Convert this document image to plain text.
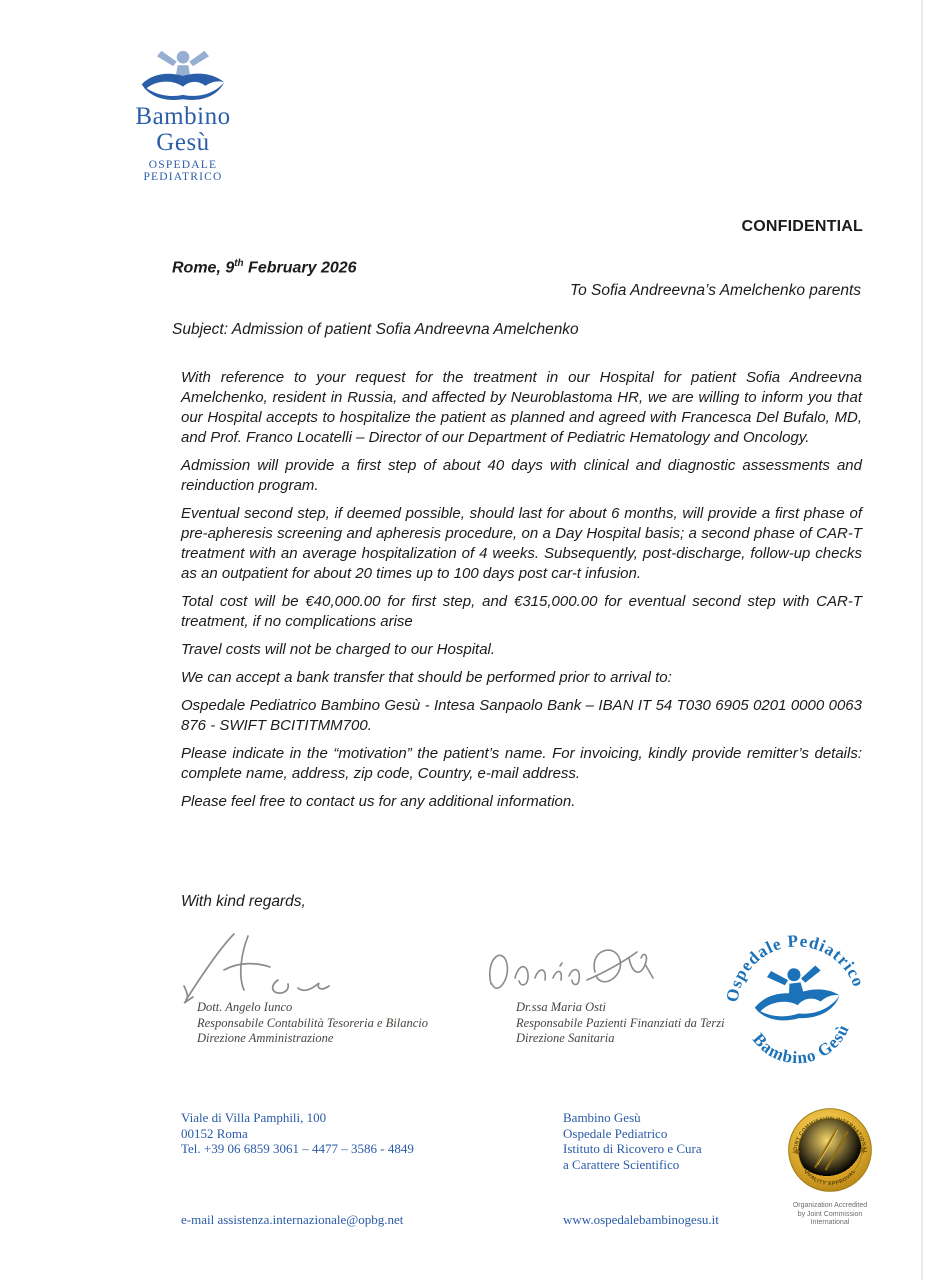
Bambino Gesù
OSPEDALE PEDIATRICO
CONFIDENTIAL
Rome, 9th February 2026
To Sofia Andreevna’s Amelchenko parents
Subject: Admission of patient Sofia Andreevna Amelchenko

With reference to your request for the treatment in our Hospital for patient Sofia Andreevna Amelchenko, resident in Russia, and affected by Neuroblastoma HR, we are willing to inform you that our Hospital accepts to hospitalize the patient as planned and agreed with Francesca Del Bufalo, MD, and Prof. Franco Locatelli – Director of our Department of Pediatric Hematology and Oncology.

Admission will provide a first step of about 40 days with clinical and diagnostic assessments and reinduction program.

Eventual second step, if deemed possible, should last for about 6 months, will provide a first phase of pre-apheresis screening and apheresis procedure, on a Day Hospital basis; a second phase of CAR-T treatment with an average hospitalization of 4 weeks. Subsequently, post-discharge, follow-up checks as an outpatient for about 20 times up to 100 days post car-t infusion.

Total cost will be €40,000.00 for first step, and €315,000.00 for eventual second step with CAR-T treatment, if no complications arise

Travel costs will not be charged to our Hospital.

We can accept a bank transfer that should be performed prior to arrival to:

Ospedale Pediatrico Bambino Gesù - Intesa Sanpaolo Bank – IBAN IT 54 T030 6905 0201 0000 0063 876 - SWIFT BCITITMM700.

Please indicate in the “motivation” the patient’s name. For invoicing, kindly provide remitter’s details: complete name, address, zip code, Country, e-mail address.

Please feel free to contact us for any additional information.

With kind regards,
Dott. Angelo Iunco
Responsabile Contabilità Tesoreria e Bilancio
Direzione Amministrazione
Dr.ssa Maria Osti
Responsabile Pazienti Finanziati da Terzi
Direzione Sanitaria
Ospedale Pediatrico
Bambino Gesù
Viale di Villa Pamphili, 100
00152 Roma
Tel. +39 06 6859 3061 – 4477 – 3586 - 4849
Bambino Gesù
Ospedale Pediatrico
Istituto di Ricovero e Cura
a Carattere Scientifico
e-mail assistenza.internazionale@opbg.net	www.ospedalebambinogesu.it
JOINT COMMISSION INTERNATIONAL
QUALITY APPROVAL
Organization Accredited
by Joint Commission International
